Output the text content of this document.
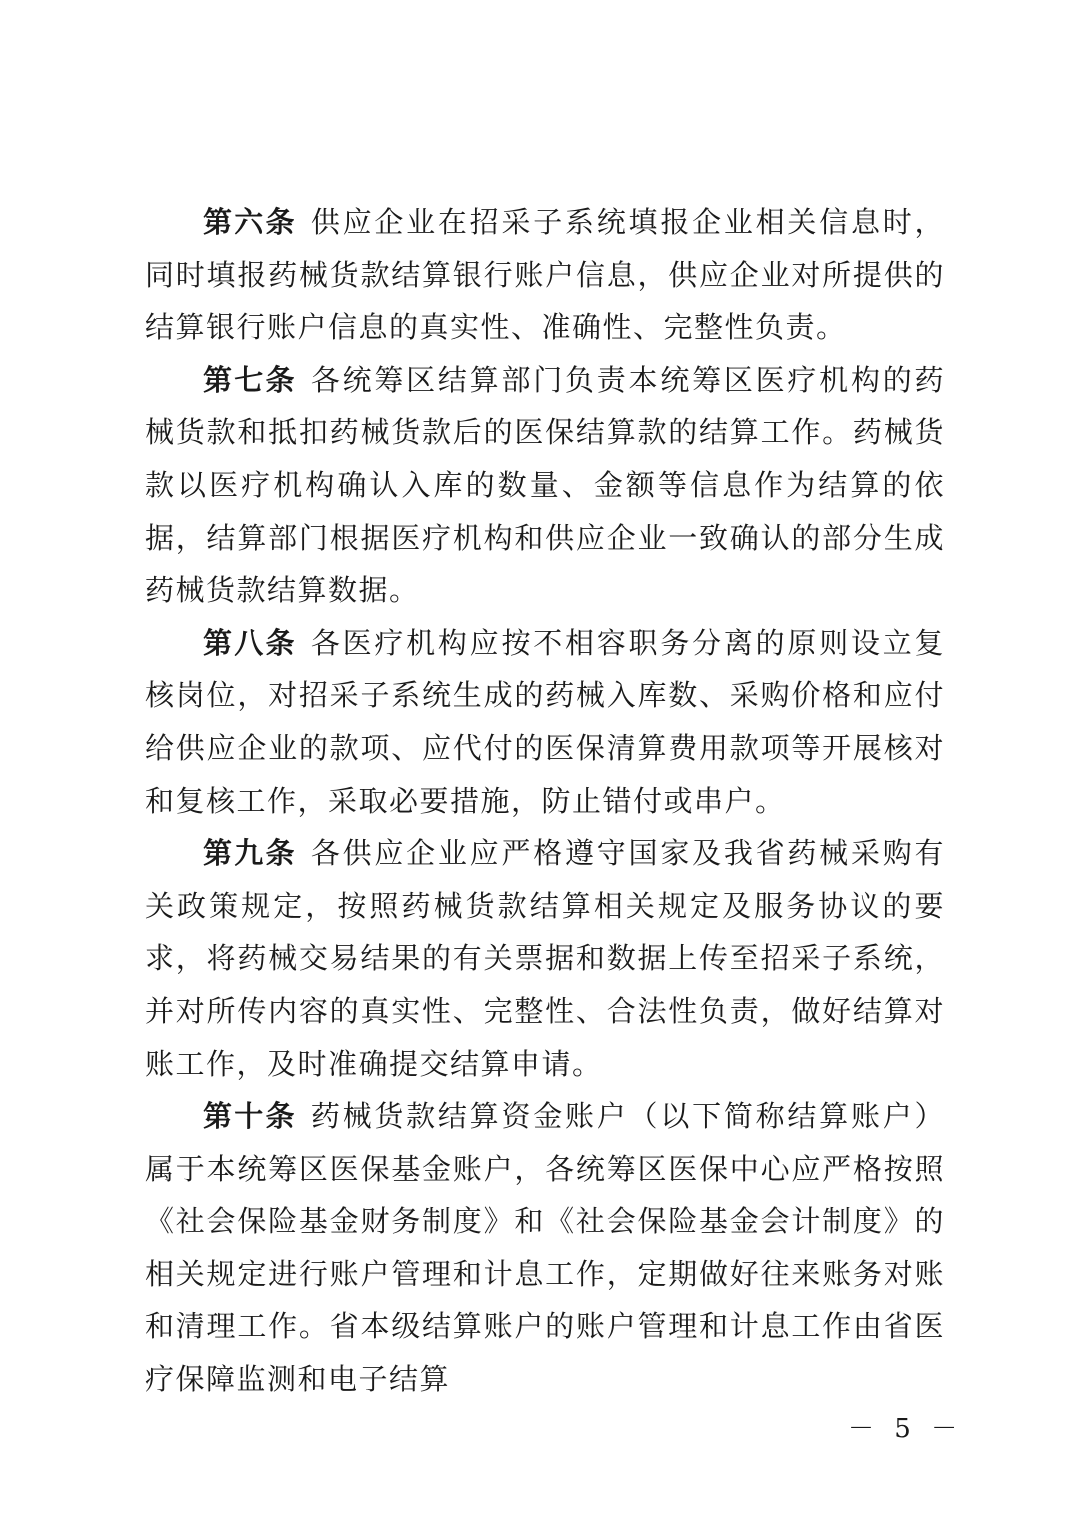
第六条 供应企业在招采子系统填报企业相关信息时，同时填报药械货款结算银行账户信息，供应企业对所提供的结算银行账户信息的真实性、准确性、完整性负责。

第七条 各统筹区结算部门负责本统筹区医疗机构的药械货款和抵扣药械货款后的医保结算款的结算工作。药械货款以医疗机构确认入库的数量、金额等信息作为结算的依据，结算部门根据医疗机构和供应企业一致确认的部分生成药械货款结算数据。

第八条 各医疗机构应按不相容职务分离的原则设立复核岗位，对招采子系统生成的药械入库数、采购价格和应付给供应企业的款项、应代付的医保清算费用款项等开展核对和复核工作，采取必要措施，防止错付或串户。

第九条 各供应企业应严格遵守国家及我省药械采购有关政策规定，按照药械货款结算相关规定及服务协议的要求，将药械交易结果的有关票据和数据上传至招采子系统，并对所传内容的真实性、完整性、合法性负责，做好结算对账工作，及时准确提交结算申请。

第十条 药械货款结算资金账户（以下简称结算账户）属于本统筹区医保基金账户，各统筹区医保中心应严格按照《社会保险基金财务制度》和《社会保险基金会计制度》的相关规定进行账户管理和计息工作，定期做好往来账务对账和清理工作。省本级结算账户的账户管理和计息工作由省医疗保障监测和电子结算

－ 5 －
